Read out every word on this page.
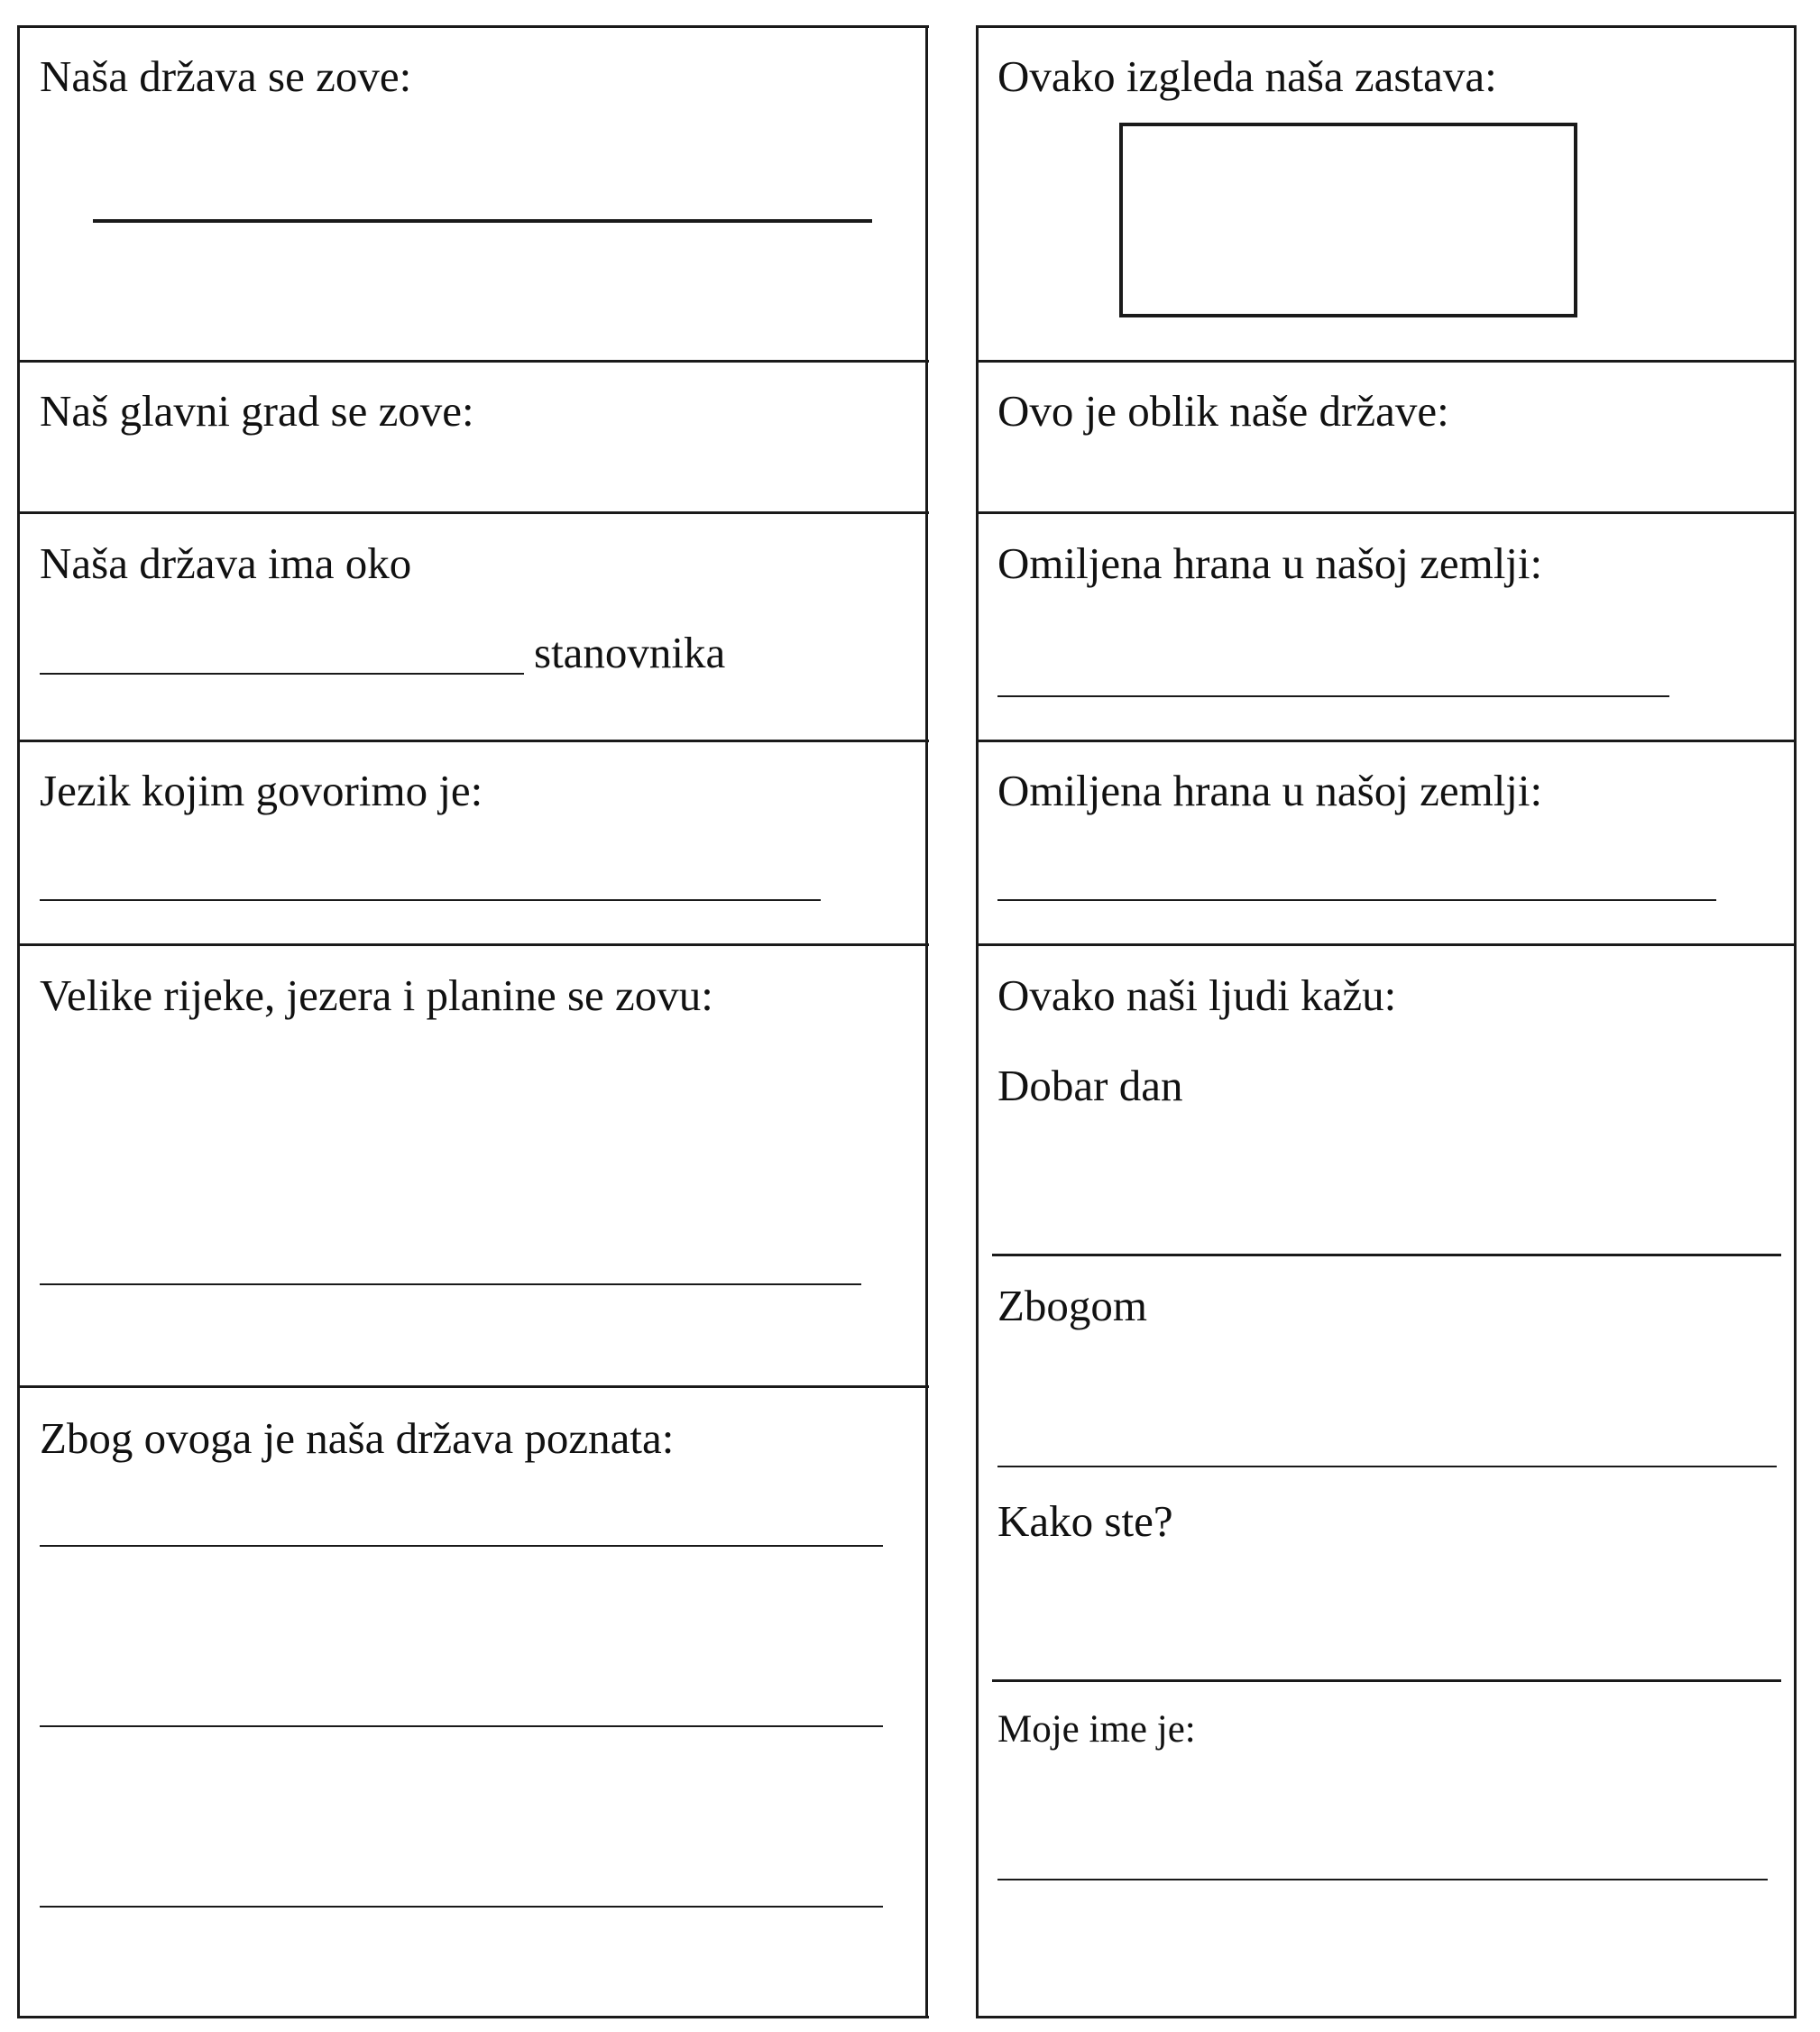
Naša država se zove:
Naš glavni grad se zove:
Naša država ima oko
stanovnika
Jezik kojim govorimo je:
Velike rijeke, jezera i planine se zovu:
Zbog ovoga je naša država poznata:
Ovako izgleda naša zastava:
Ovo je oblik naše države:
Omiljena hrana u našoj zemlji:
Omiljena hrana u našoj zemlji:
Ovako naši ljudi kažu:
Dobar dan
Zbogom
Kako ste?
Moje ime je:
